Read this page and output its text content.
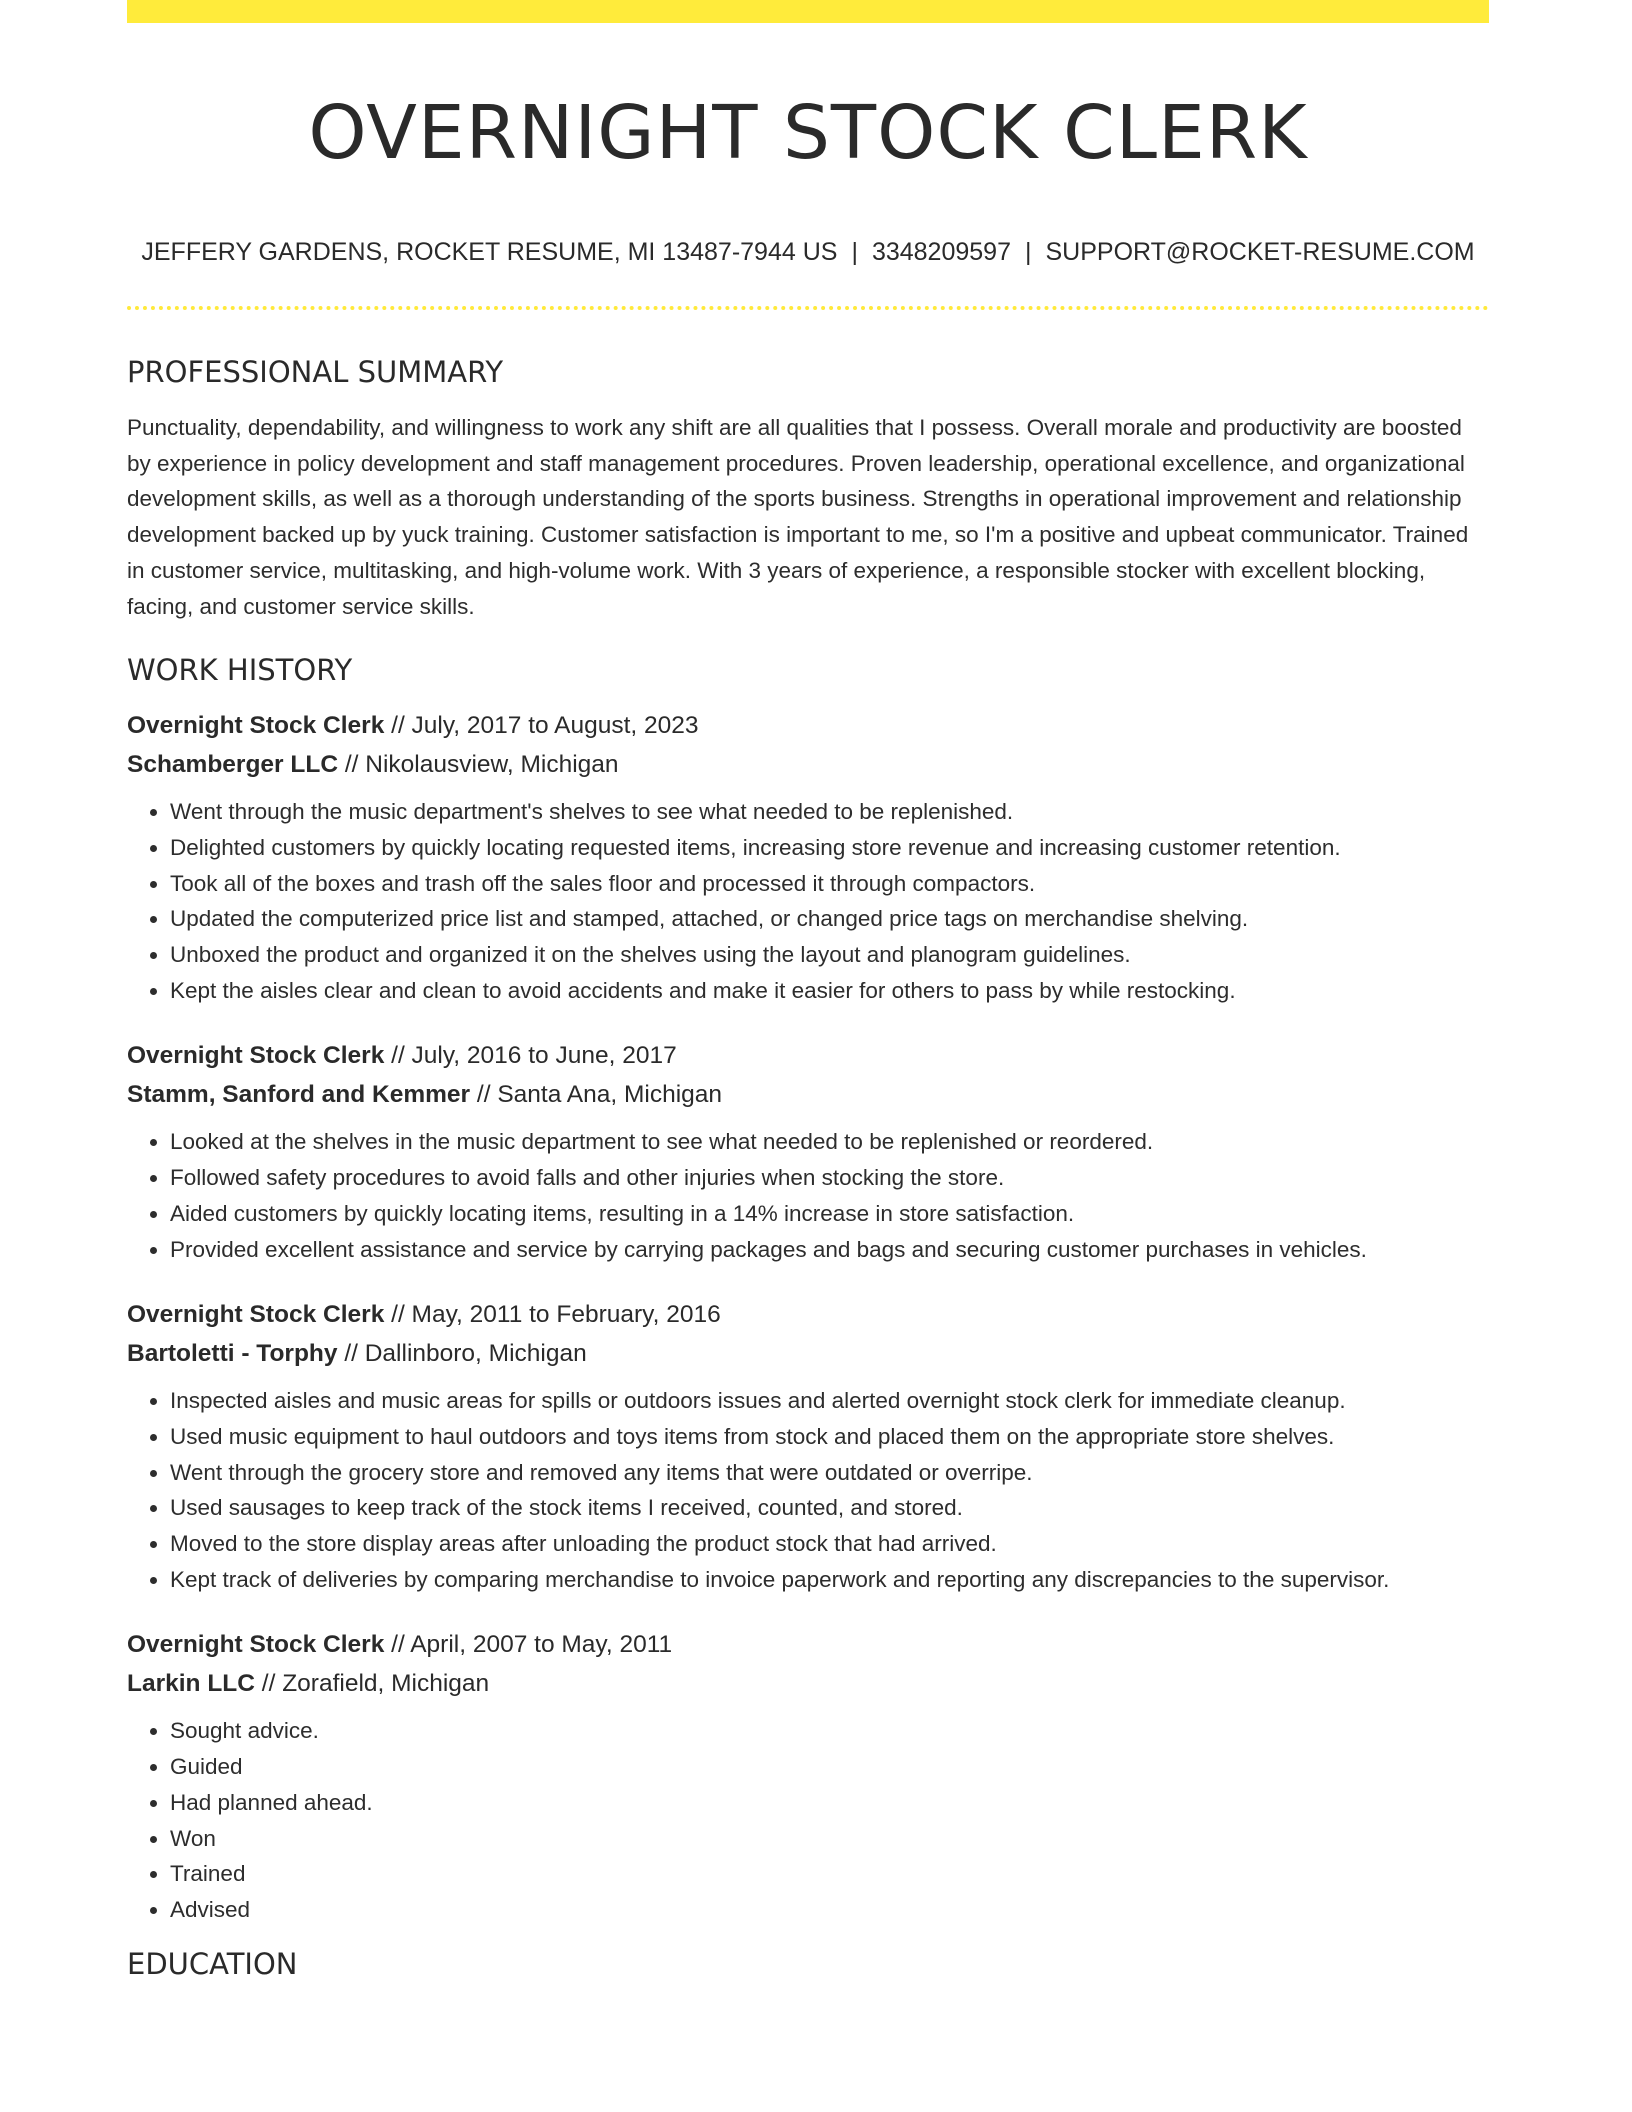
OVERNIGHT STOCK CLERK
JEFFERY GARDENS, ROCKET RESUME, MI 13487-7944 US | 3348209597 | SUPPORT@ROCKET-RESUME.COM
PROFESSIONAL SUMMARY

Punctuality, dependability, and willingness to work any shift are all qualities that I possess. Overall morale and productivity are boosted by experience in policy development and staff management procedures. Proven leadership, operational excellence, and organizational development skills, as well as a thorough understanding of the sports business. Strengths in operational improvement and relationship development backed up by yuck training. Customer satisfaction is important to me, so I'm a positive and upbeat communicator. Trained in customer service, multitasking, and high-volume work. With 3 years of experience, a responsible stocker with excellent blocking, facing, and customer service skills.

WORK HISTORY
Overnight Stock Clerk // July, 2017 to August, 2023
Schamberger LLC // Nikolausview, Michigan
• Went through the music department's shelves to see what needed to be replenished.
• Delighted customers by quickly locating requested items, increasing store revenue and increasing customer retention.
• Took all of the boxes and trash off the sales floor and processed it through compactors.
• Updated the computerized price list and stamped, attached, or changed price tags on merchandise shelving.
• Unboxed the product and organized it on the shelves using the layout and planogram guidelines.
• Kept the aisles clear and clean to avoid accidents and make it easier for others to pass by while restocking.
Overnight Stock Clerk // July, 2016 to June, 2017
Stamm, Sanford and Kemmer // Santa Ana, Michigan
• Looked at the shelves in the music department to see what needed to be replenished or reordered.
• Followed safety procedures to avoid falls and other injuries when stocking the store.
• Aided customers by quickly locating items, resulting in a 14% increase in store satisfaction.
• Provided excellent assistance and service by carrying packages and bags and securing customer purchases in vehicles.
Overnight Stock Clerk // May, 2011 to February, 2016
Bartoletti - Torphy // Dallinboro, Michigan
• Inspected aisles and music areas for spills or outdoors issues and alerted overnight stock clerk for immediate cleanup.
• Used music equipment to haul outdoors and toys items from stock and placed them on the appropriate store shelves.
• Went through the grocery store and removed any items that were outdated or overripe.
• Used sausages to keep track of the stock items I received, counted, and stored.
• Moved to the store display areas after unloading the product stock that had arrived.
• Kept track of deliveries by comparing merchandise to invoice paperwork and reporting any discrepancies to the supervisor.
Overnight Stock Clerk // April, 2007 to May, 2011
Larkin LLC // Zorafield, Michigan
• Sought advice.
• Guided
• Had planned ahead.
• Won
• Trained
• Advised
EDUCATION
